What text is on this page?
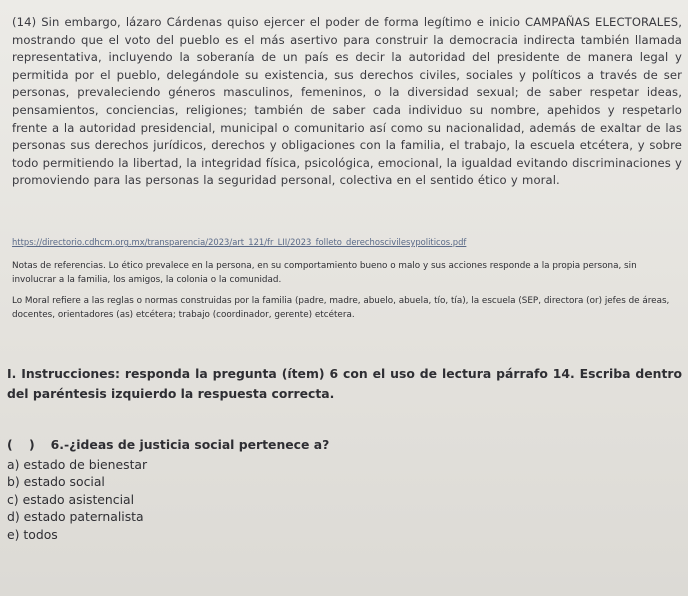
(14) Sin embargo, lázaro Cárdenas quiso ejercer el poder de forma legítimo e inicio CAMPAÑAS ELECTORALES, mostrando que el voto del pueblo es el más asertivo para construir la democracia indirecta también llamada representativa, incluyendo la soberanía de un país es decir la autoridad del presidente de manera legal y permitida por el pueblo, delegándole su existencia, sus derechos civiles, sociales y políticos a través de ser personas, prevaleciendo géneros masculinos, femeninos, o la diversidad sexual; de saber respetar ideas, pensamientos, conciencias, religiones; también de saber cada individuo su nombre, apehidos y respetarlo frente a la autoridad presidencial, municipal o comunitario así como su nacionalidad, además de exaltar de las personas sus derechos jurídicos, derechos y obligaciones con la familia, el trabajo, la escuela etcétera, y sobre todo permitiendo la libertad, la integridad física, psicológica, emocional, la igualdad evitando discriminaciones y promoviendo para las personas la seguridad personal, colectiva en el sentido ético y moral.
https://directorio.cdhcm.org.mx/transparencia/2023/art_121/fr_LII/2023_folleto_derechoscivilesypoliticos.pdf

Notas de referencias. Lo ético prevalece en la persona, en su comportamiento bueno o malo y sus acciones responde a la propia persona, sin involucrar a la familia, los amigos, la colonia o la comunidad.

Lo Moral refiere a las reglas o normas construidas por la familia (padre, madre, abuelo, abuela, tío, tía), la escuela (SEP, directora (or) jefes de áreas, docentes, orientadores (as) etcétera; trabajo (coordinador, gerente) etcétera.

I. Instrucciones: responda la pregunta (ítem) 6 con el uso de lectura párrafo 14. Escriba dentro del paréntesis izquierdo la respuesta correcta.
( ) 6.-¿ideas de justicia social pertenece a?
a) estado de bienestar
b) estado social
c) estado asistencial
d) estado paternalista
e) todos
